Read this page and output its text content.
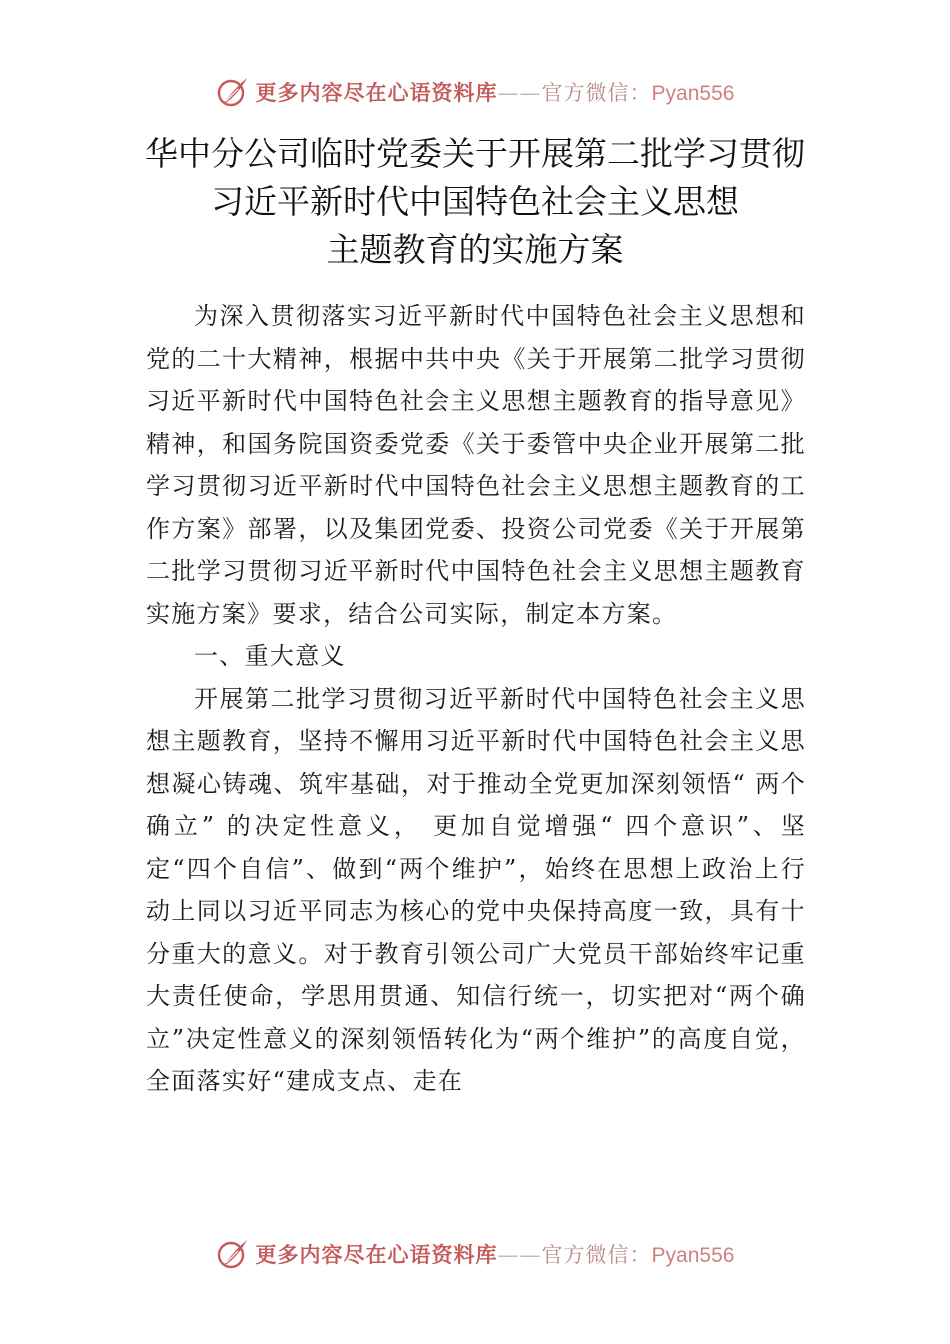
更多内容尽在心语资料库——官方微信：Pyan556
华中分公司临时党委关于开展第二批学习贯彻
习近平新时代中国特色社会主义思想
主题教育的实施方案

为深入贯彻落实习近平新时代中国特色社会主义思想和党的二十大精神，根据中共中央《关于开展第二批学习贯彻习近平新时代中国特色社会主义思想主题教育的指导意见》精神，和国务院国资委党委《关于委管中央企业开展第二批学习贯彻习近平新时代中国特色社会主义思想主题教育的工作方案》部署，以及集团党委、投资公司党委《关于开展第二批学习贯彻习近平新时代中国特色社会主义思想主题教育实施方案》要求，结合公司实际，制定本方案。

一、重大意义

开展第二批学习贯彻习近平新时代中国特色社会主义思想主题教育，坚持不懈用习近平新时代中国特色社会主义思想凝心铸魂、筑牢基础，对于推动全党更加深刻领悟“ 两个确立” 的决定性意义， 更加自觉增强“ 四个意识”、坚定“四个自信”、做到“两个维护”，始终在思想上政治上行动上同以习近平同志为核心的党中央保持高度一致，具有十分重大的意义。对于教育引领公司广大党员干部始终牢记重大责任使命，学思用贯通、知信行统一，切实把对“两个确立”决定性意义的深刻领悟转化为“两个维护”的高度自觉，全面落实好“建成支点、走在

更多内容尽在心语资料库——官方微信：Pyan556
